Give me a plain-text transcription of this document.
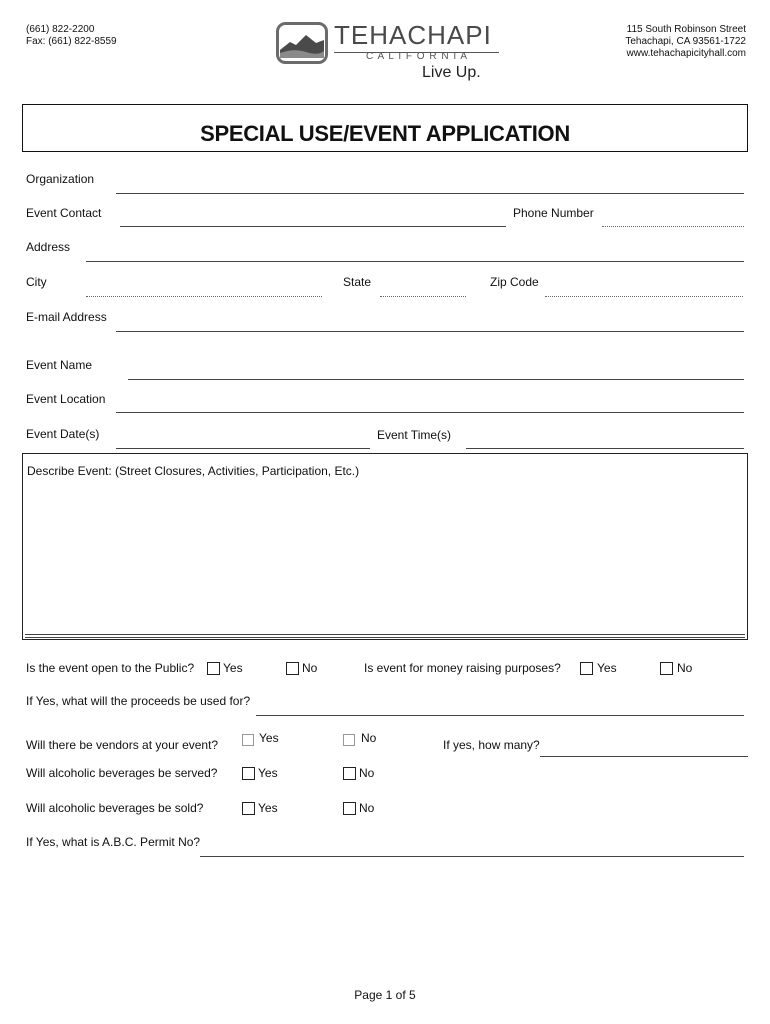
(661) 822-2200
Fax: (661) 822-8559
115 South Robinson Street
Tehachapi, CA 93561-1722
www.tehachapicityhall.com
TEHACHAPI
C A L I F O R N I A
Live Up.
SPECIAL USE/EVENT APPLICATION
Organization
Event Contact	Phone Number
Address
City	State	Zip Code
E-mail Address
Event Name
Event Location
Event Date(s)	Event Time(s)
Describe Event: (Street Closures, Activities, Participation, Etc.)
Is the event open to the Public? Yes	No	Is event for money raising purposes?	Yes	No
If Yes, what will the proceeds be used for?
Will there be vendors at your event?	Yes	No	If yes, how many?
Will alcoholic beverages be served?	Yes	No
Will alcoholic beverages be sold?	Yes	No
If Yes, what is A.B.C. Permit No?
Page 1 of 5
